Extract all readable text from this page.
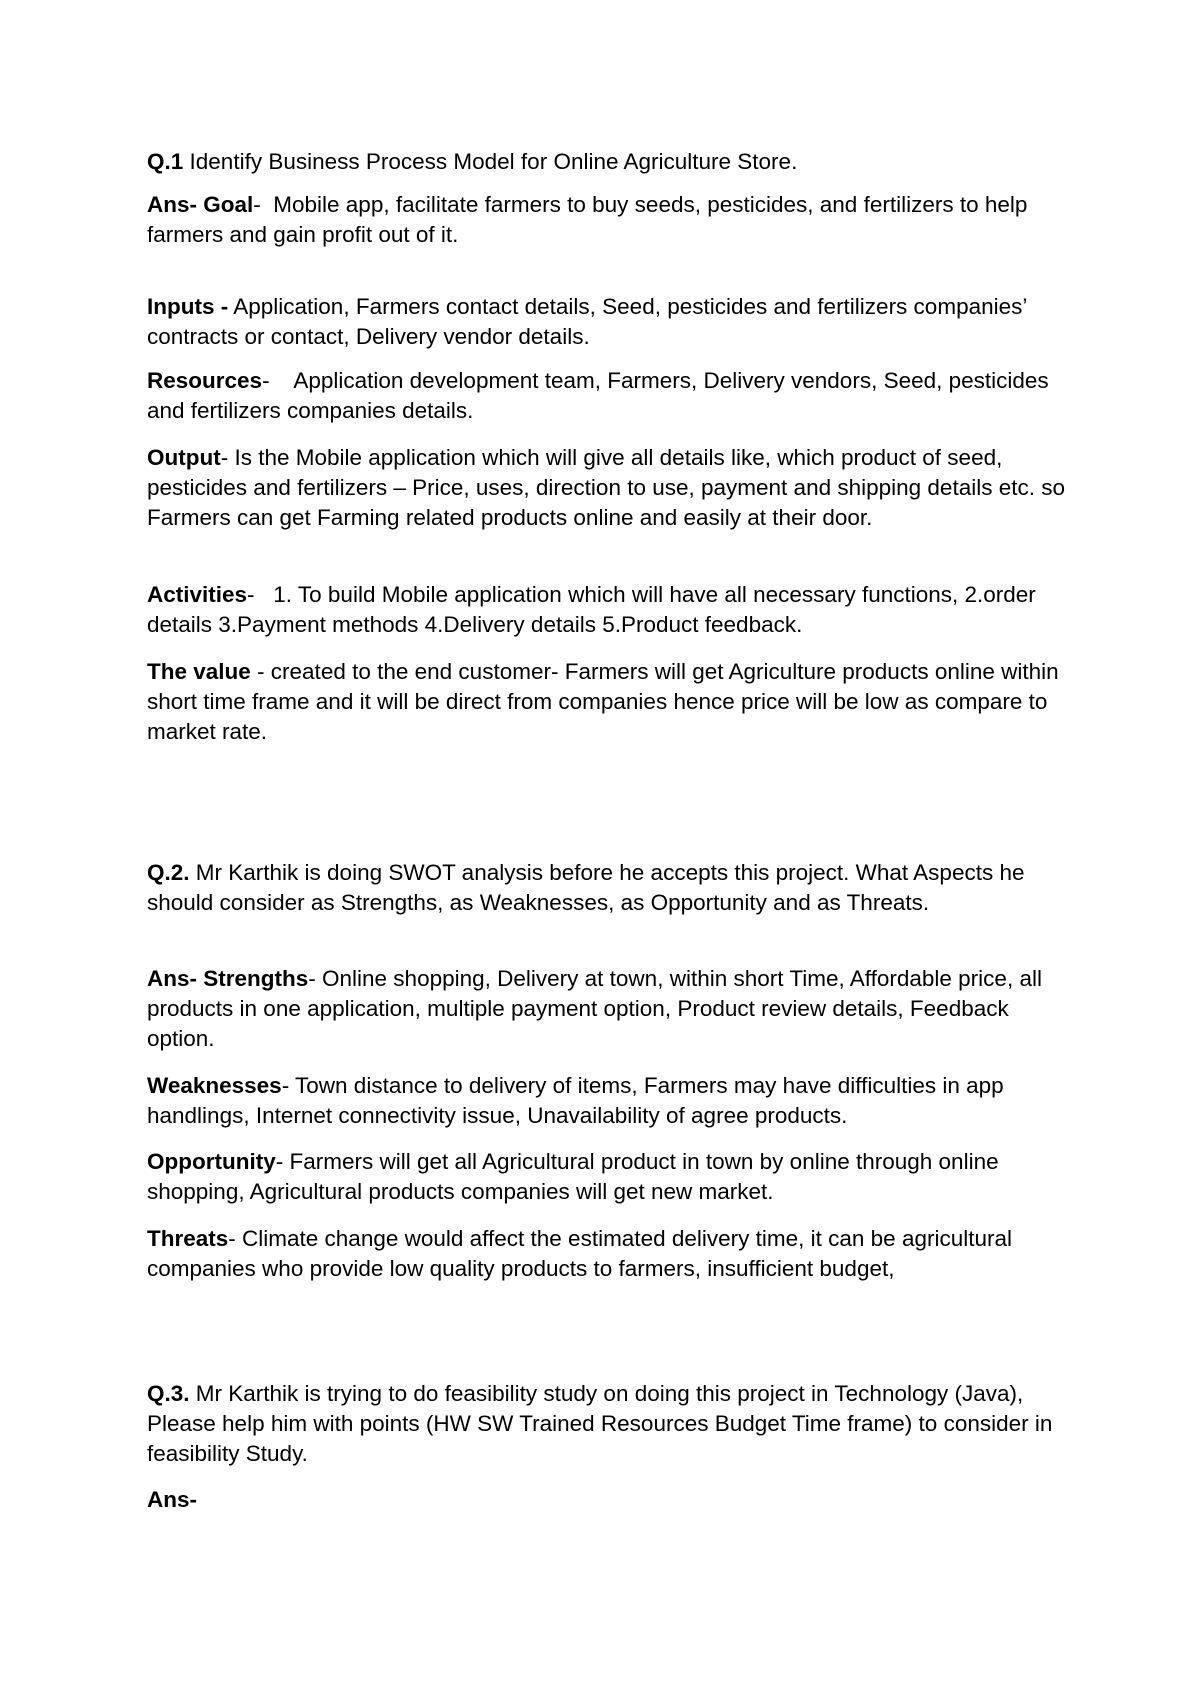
Q.1 Identify Business Process Model for Online Agriculture Store.

Ans- Goal-  Mobile app, facilitate farmers to buy seeds, pesticides, and fertilizers to help farmers and gain profit out of it.

Inputs - Application, Farmers contact details, Seed, pesticides and fertilizers companies’ contracts or contact, Delivery vendor details.

Resources-    Application development team, Farmers, Delivery vendors, Seed, pesticides and fertilizers companies details.

Output- Is the Mobile application which will give all details like, which product of seed, pesticides and fertilizers – Price, uses, direction to use, payment and shipping details etc. so Farmers can get Farming related products online and easily at their door.

Activities-   1. To build Mobile application which will have all necessary functions, 2.order details 3.Payment methods 4.Delivery details 5.Product feedback.

The value - created to the end customer- Farmers will get Agriculture products online within short time frame and it will be direct from companies hence price will be low as compare to market rate.

Q.2. Mr Karthik is doing SWOT analysis before he accepts this project. What Aspects he should consider as Strengths, as Weaknesses, as Opportunity and as Threats.

Ans- Strengths- Online shopping, Delivery at town, within short Time, Affordable price, all products in one application, multiple payment option, Product review details, Feedback option.

Weaknesses- Town distance to delivery of items, Farmers may have difficulties in app handlings, Internet connectivity issue, Unavailability of agree products.

Opportunity- Farmers will get all Agricultural product in town by online through online shopping, Agricultural products companies will get new market.

Threats- Climate change would affect the estimated delivery time, it can be agricultural companies who provide low quality products to farmers, insufficient budget,

Q.3. Mr Karthik is trying to do feasibility study on doing this project in Technology (Java), Please help him with points (HW SW Trained Resources Budget Time frame) to consider in feasibility Study.

Ans-
